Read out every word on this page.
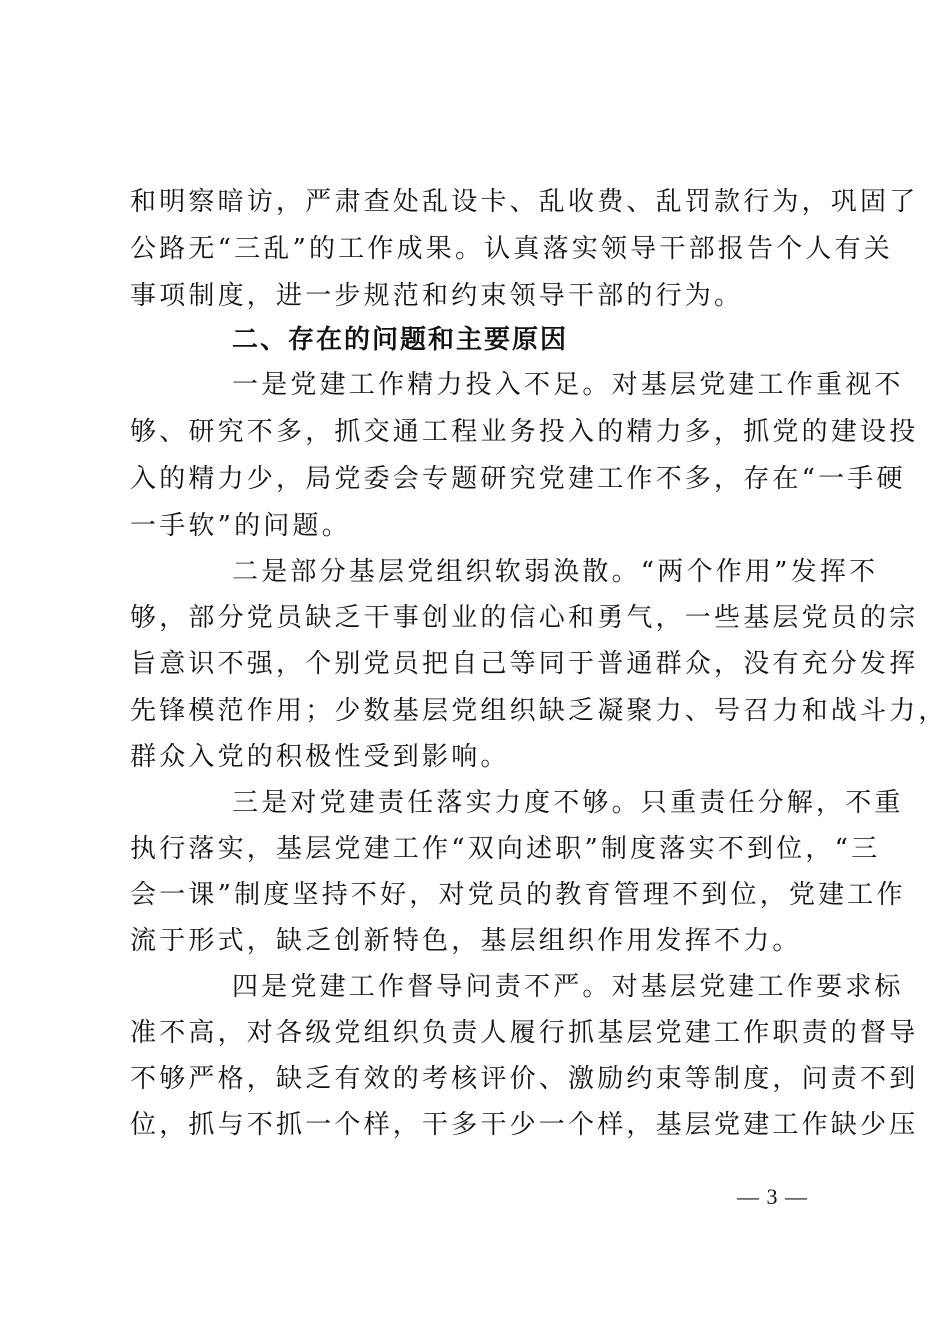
和明察暗访，严肃查处乱设卡、乱收费、乱罚款行为，巩固了
公路无“三乱”的工作成果。认真落实领导干部报告个人有关
事项制度，进一步规范和约束领导干部的行为。
二、存在的问题和主要原因
一是党建工作精力投入不足。对基层党建工作重视不
够、研究不多，抓交通工程业务投入的精力多，抓党的建设投
入的精力少，局党委会专题研究党建工作不多，存在“一手硬
一手软”的问题。
二是部分基层党组织软弱涣散。“两个作用”发挥不
够，部分党员缺乏干事创业的信心和勇气，一些基层党员的宗
旨意识不强，个别党员把自己等同于普通群众，没有充分发挥
先锋模范作用；少数基层党组织缺乏凝聚力、号召力和战斗力，
群众入党的积极性受到影响。
三是对党建责任落实力度不够。只重责任分解，不重
执行落实，基层党建工作“双向述职”制度落实不到位，“三
会一课”制度坚持不好，对党员的教育管理不到位，党建工作
流于形式，缺乏创新特色，基层组织作用发挥不力。
四是党建工作督导问责不严。对基层党建工作要求标
准不高，对各级党组织负责人履行抓基层党建工作职责的督导
不够严格，缺乏有效的考核评价、激励约束等制度，问责不到
位，抓与不抓一个样，干多干少一个样，基层党建工作缺少压
— 3 —
